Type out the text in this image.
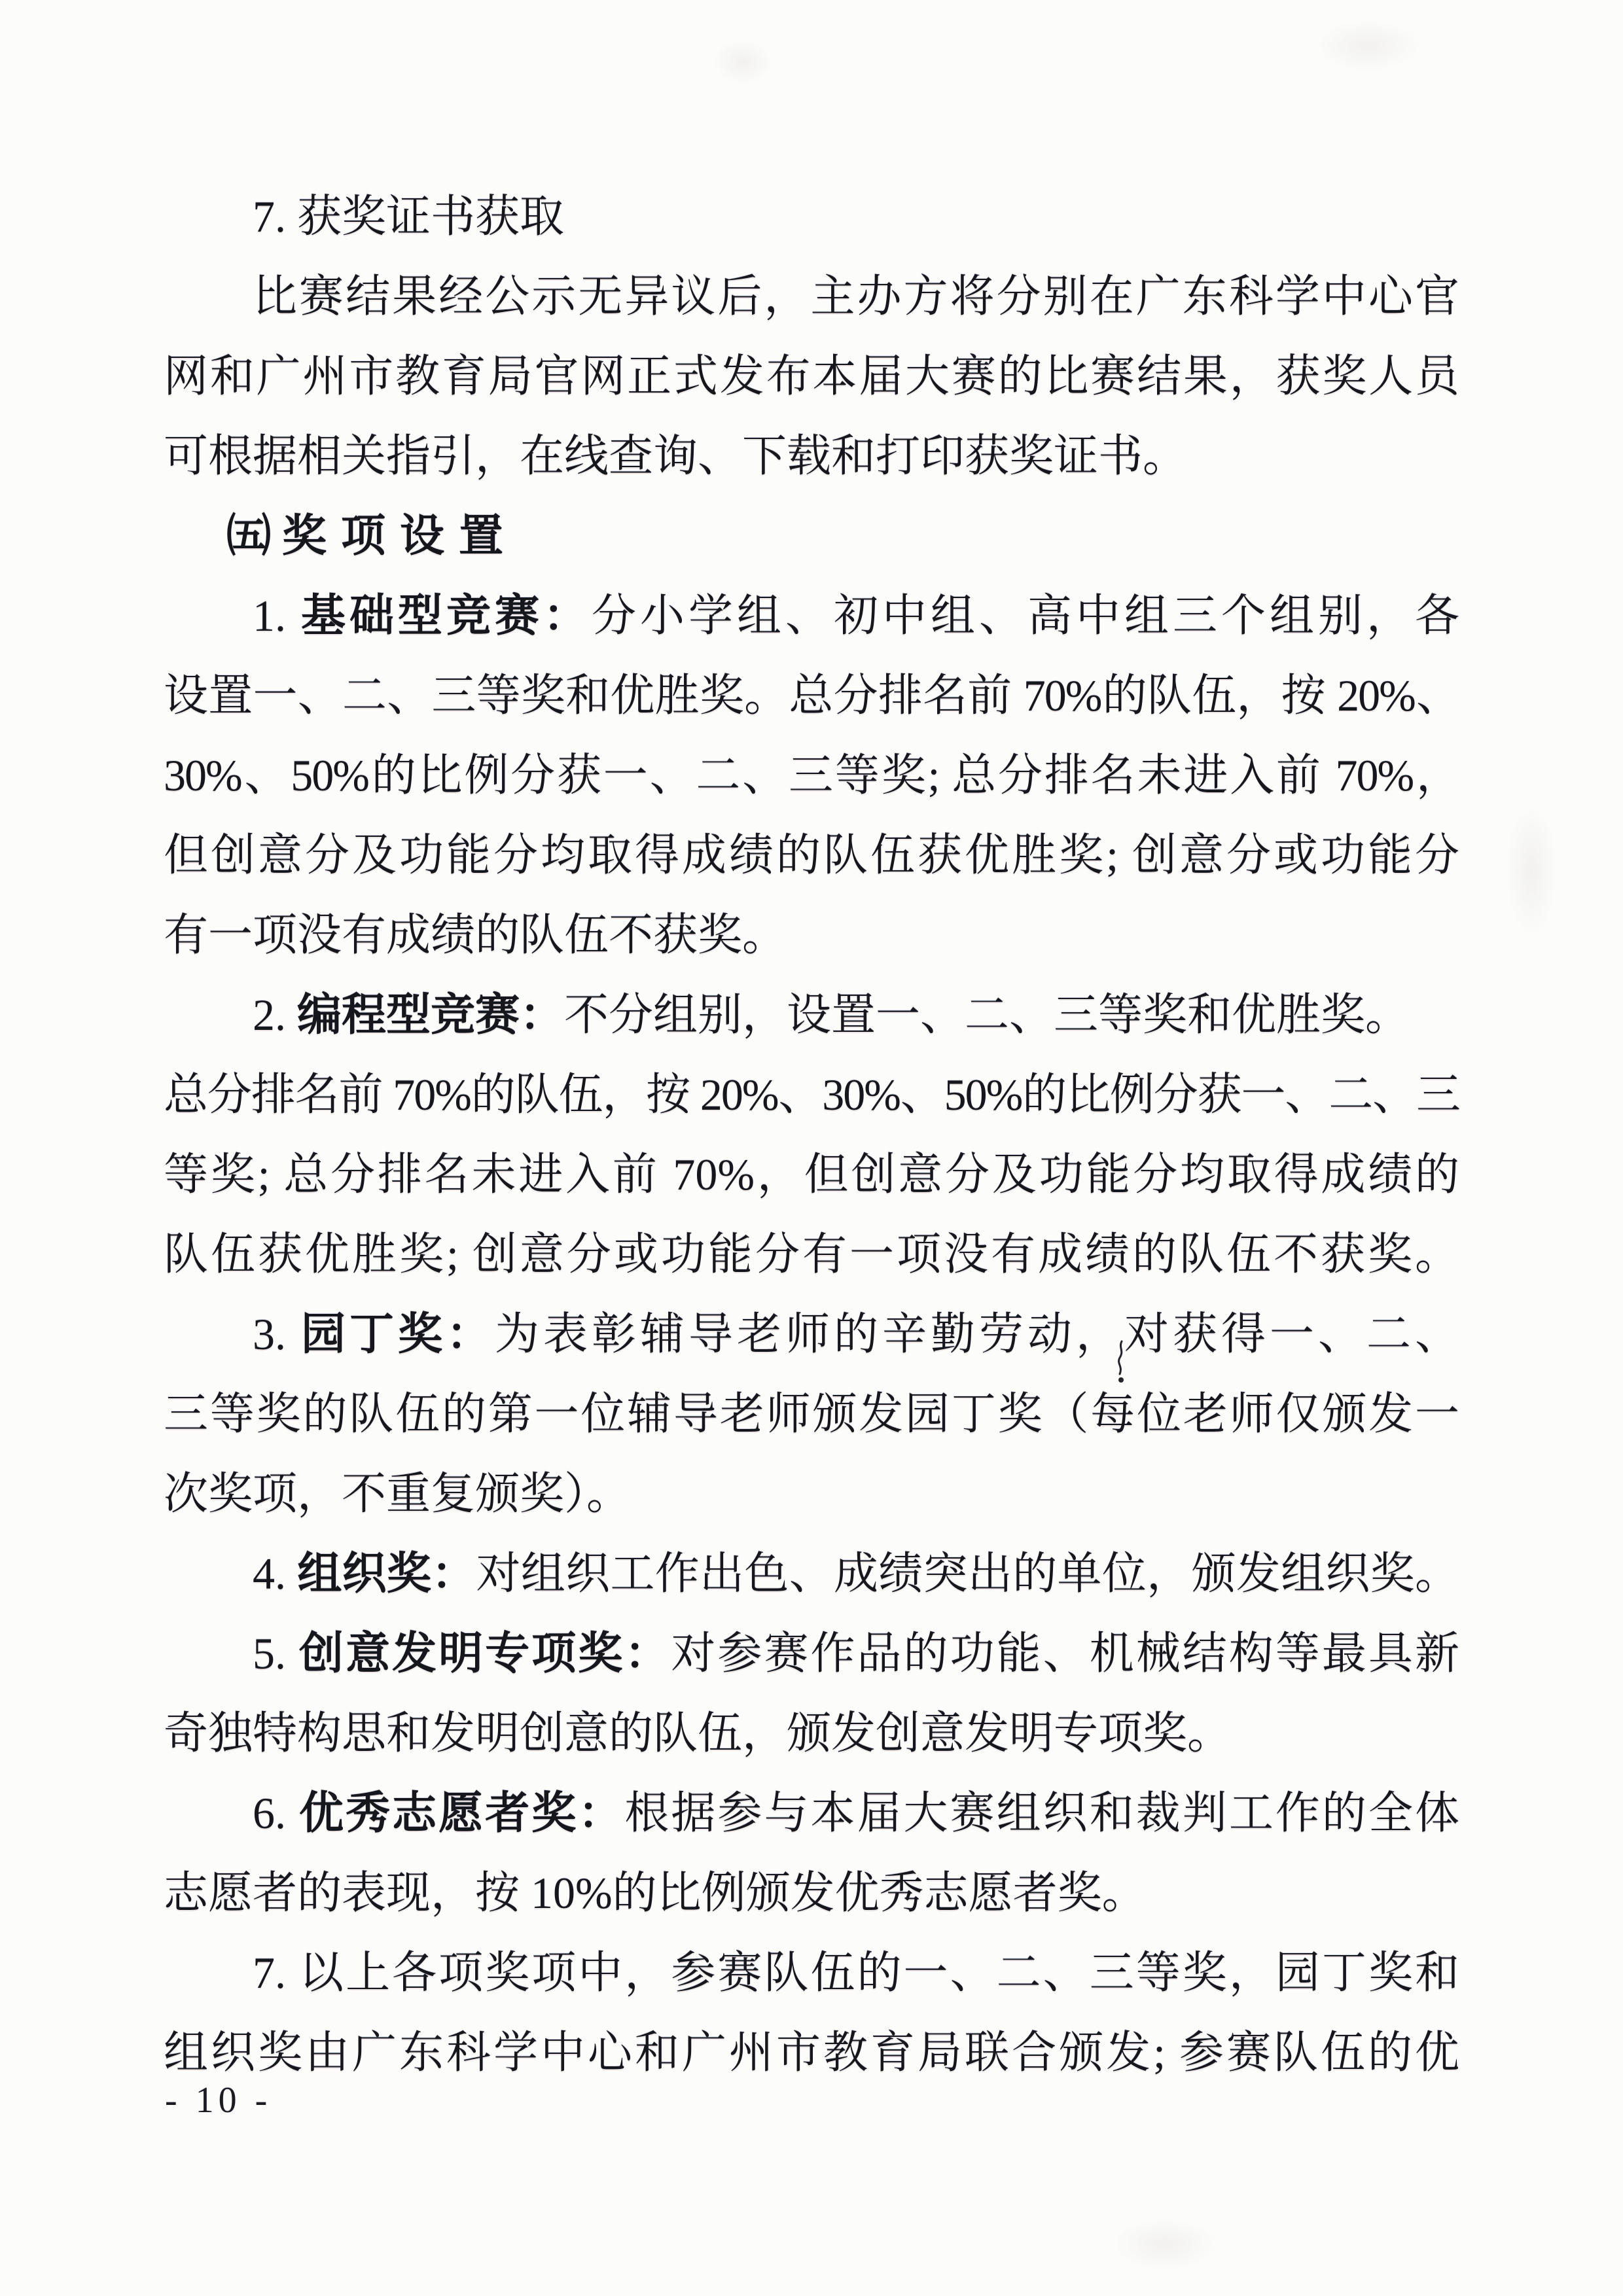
7. 获奖证书获取
比赛结果经公示无异议后，主办方将分别在广东科学中心官
网和广州市教育局官网正式发布本届大赛的比赛结果，获奖人员
可根据相关指引，在线查询、下载和打印获奖证书。
㈤ 奖项设置
1. 基础型竞赛：分小学组、初中组、高中组三个组别，各
设置一、二、三等奖和优胜奖。总分排名前 70%的队伍，按 20%、
30%、50%的比例分获一、二、三等奖; 总分排名未进入前 70%，
但创意分及功能分均取得成绩的队伍获优胜奖; 创意分或功能分
有一项没有成绩的队伍不获奖。
2. 编程型竞赛：不分组别，设置一、二、三等奖和优胜奖。
总分排名前 70%的队伍，按 20%、30%、50%的比例分获一、二、三
等奖; 总分排名未进入前 70%，但创意分及功能分均取得成绩的
队伍获优胜奖; 创意分或功能分有一项没有成绩的队伍不获奖。
3. 园丁奖：为表彰辅导老师的辛勤劳动，对获得一、二、
三等奖的队伍的第一位辅导老师颁发园丁奖（每位老师仅颁发一
次奖项，不重复颁奖）。
4. 组织奖：对组织工作出色、成绩突出的单位，颁发组织奖。
5. 创意发明专项奖：对参赛作品的功能、机械结构等最具新
奇独特构思和发明创意的队伍，颁发创意发明专项奖。
6. 优秀志愿者奖：根据参与本届大赛组织和裁判工作的全体
志愿者的表现，按 10%的比例颁发优秀志愿者奖。
7. 以上各项奖项中，参赛队伍的一、二、三等奖，园丁奖和
组织奖由广东科学中心和广州市教育局联合颁发; 参赛队伍的优
- 10 -
